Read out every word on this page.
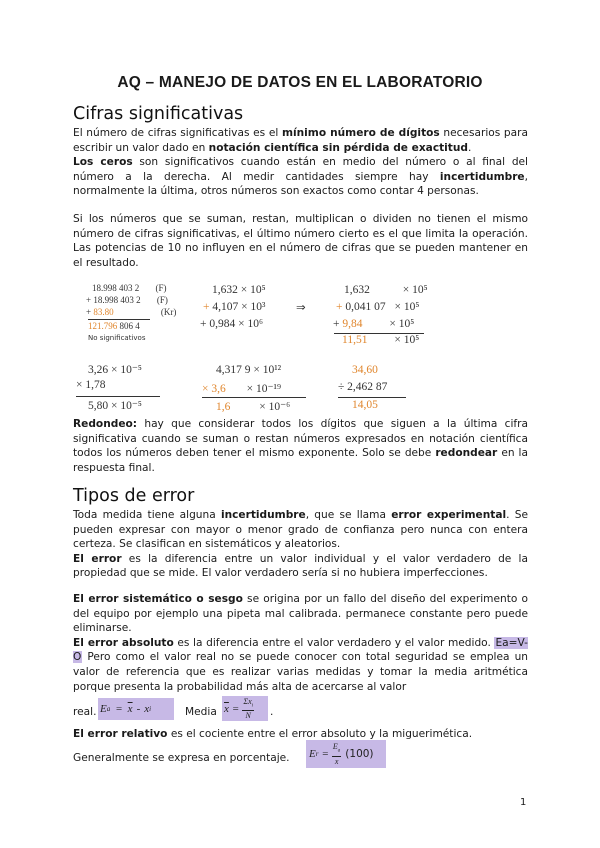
AQ – MANEJO DE DATOS EN EL LABORATORIO
Cifras significativas

El número de cifras significativas es el mínimo número de dígitos necesarios para escribir un valor dado en notación científica sin pérdida de exactitud.
Los ceros son significativos cuando están en medio del número o al final del número a la derecha. Al medir cantidades siempre hay incertidumbre, normalmente la última, otros números son exactos como contar 4 personas.

Si los números que se suman, restan, multiplican o dividen no tienen el mismo número de cifras significativas, el último número cierto es el que limita la operación. Las potencias de 10 no influyen en el número de cifras que se pueden mantener en el resultado.

18.998 403 2 (F)
+ 18.998 403 2 (F)
+ 83.80	(Kr)
121.796 806 4
No significativos
1,632 × 10⁵
+ 4,107 × 10³
+ 0,984 × 10⁶
⇒
1,632	× 10⁵
+ 0,041 07 × 10⁵
+ 9,84 × 10⁵
11,51 × 10⁵
3,26 × 10⁻⁵
× 1,78
5,80 × 10⁻⁵
4,317 9 × 10¹²
× 3,6 × 10⁻¹⁹
1,6	× 10⁻⁶
34,60
÷ 2,462 87
14,05

Redondeo: hay que considerar todos los dígitos que siguen a la última cifra significativa cuando se suman o restan números expresados en notación científica todos los números deben tener el mismo exponente. Solo se debe redondear en la respuesta final.

Tipos de error

Toda medida tiene alguna incertidumbre, que se llama error experimental. Se pueden expresar con mayor o menor grado de confianza pero nunca con entera certeza. Se clasifican en sistemáticos y aleatorios.
El error es la diferencia entre un valor individual y el valor verdadero de la propiedad que se mide. El valor verdadero sería si no hubiera imperfecciones.

El error sistemático o sesgo se origina por un fallo del diseño del experimento o del equipo por ejemplo una pipeta mal calibrada. permanece constante pero puede eliminarse.
El error absoluto es la diferencia entre el valor verdadero y el valor medido. Ea=V-O Pero como el valor real no se puede conocer con total seguridad se emplea un valor de referencia que es realizar varias medidas y tomar la media aritmética porque presenta la probabilidad más alta de acercarse al valor

real. E $a = \overline{x} - x$ i	Media $\overline{x}$ =
$\Sigma x_i$
N .

El error relativo es el cociente entre el error absoluto y la miguerimética.

Generalmente se expresa en porcentaje. E $r = \frac{E_a}{x} (100)$
1
